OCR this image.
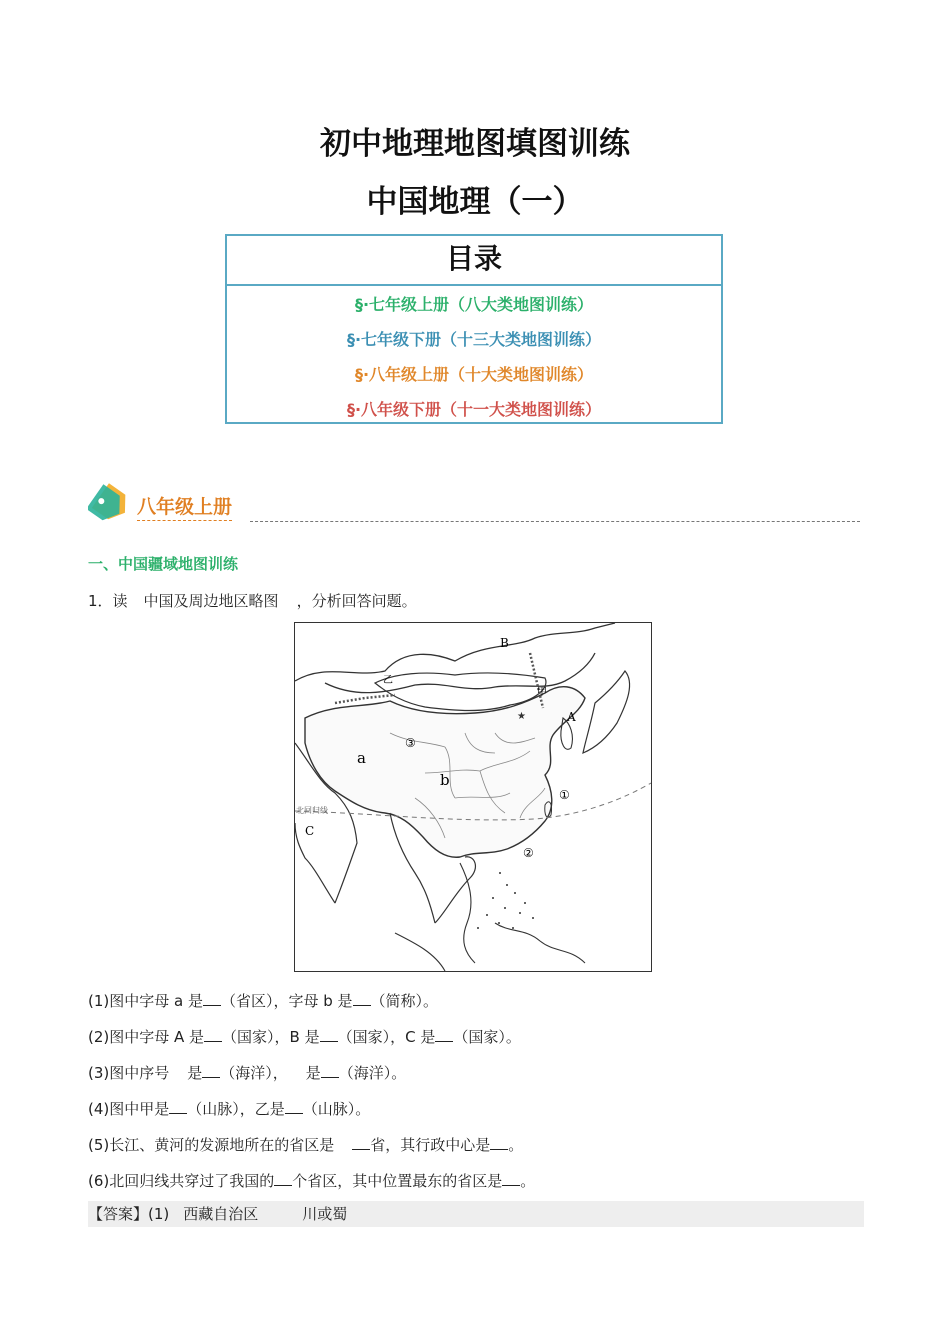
初中地理地图填图训练
中国地理（一）
目录
§·七年级上册（八大类地图训练）
§·七年级下册（十三大类地图训练）
§·八年级上册（十大类地图训练）
§·八年级下册（十一大类地图训练）
八年级上册
一、中国疆域地图训练
1．读 中国及周边地区略图 ，分析回答问题。
B
A
C
a
b
甲
乙
①
②
③
北回归线
★
(1)图中字母 a 是 （省区），字母 b 是 （简称）。
(2)图中字母 A 是 （国家），B 是 （国家），C 是 （国家）。
(3)图中序号 是 （海洋）， 是 （海洋）。
(4)图中甲是 （山脉），乙是 （山脉）。
(5)长江、黄河的发源地所在的省区是 省，其行政中心是 。
(6)北回归线共穿过了我国的 个省区，其中位置最东的省区是 。
【答案】(1) 西藏自治区	川或蜀
